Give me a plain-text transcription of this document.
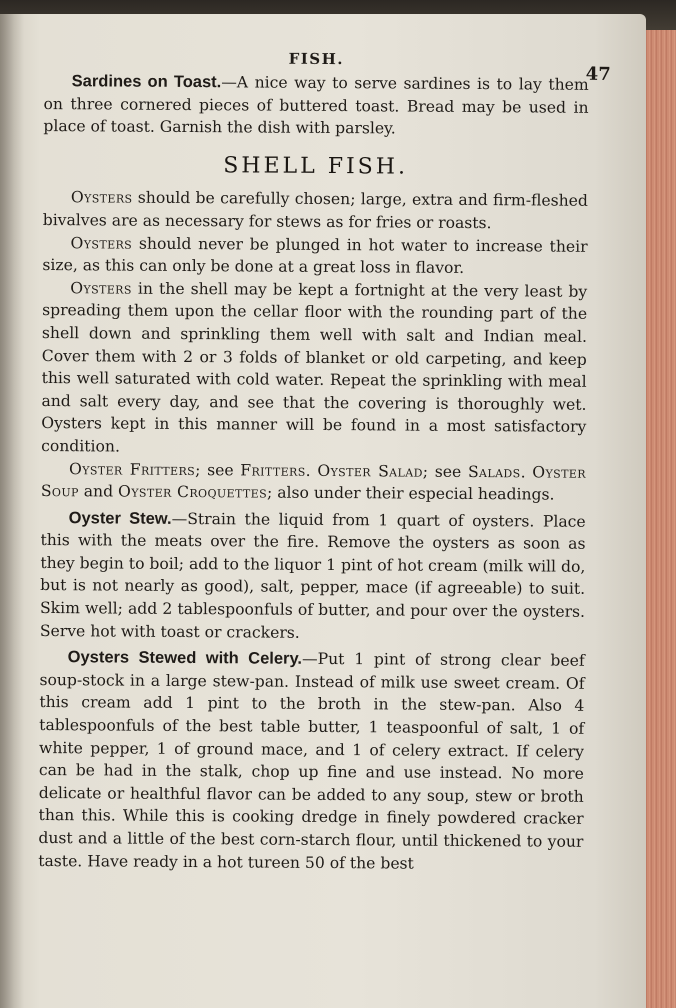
FISH.
47

Sardines on Toast.—A nice way to serve sardines is to lay them on three cornered pieces of buttered toast. Bread may be used in place of toast. Garnish the dish with parsley.

SHELL FISH.

Oysters should be carefully chosen; large, extra and firm-fleshed bivalves are as necessary for stews as for fries or roasts.

Oysters should never be plunged in hot water to increase their size, as this can only be done at a great loss in flavor.

Oysters in the shell may be kept a fortnight at the very least by spreading them upon the cellar floor with the rounding part of the shell down and sprinkling them well with salt and Indian meal. Cover them with 2 or 3 folds of blanket or old carpeting, and keep this well saturated with cold water. Repeat the sprinkling with meal and salt every day, and see that the covering is thoroughly wet. Oysters kept in this manner will be found in a most satisfactory condition.

Oyster Fritters; see Fritters. Oyster Salad; see Salads. Oyster Soup and Oyster Croquettes; also under their especial headings.

Oyster Stew.—Strain the liquid from 1 quart of oysters. Place this with the meats over the fire. Remove the oysters as soon as they begin to boil; add to the liquor 1 pint of hot cream (milk will do, but is not nearly as good), salt, pepper, mace (if agreeable) to suit. Skim well; add 2 tablespoonfuls of butter, and pour over the oysters. Serve hot with toast or crackers.

Oysters Stewed with Celery.—Put 1 pint of strong clear beef soup-stock in a large stew-pan. Instead of milk use sweet cream. Of this cream add 1 pint to the broth in the stew-pan. Also 4 tablespoonfuls of the best table butter, 1 teaspoonful of salt, 1 of white pepper, 1 of ground mace, and 1 of celery extract. If celery can be had in the stalk, chop up fine and use instead. No more delicate or healthful flavor can be added to any soup, stew or broth than this. While this is cooking dredge in finely powdered cracker dust and a little of the best corn-starch flour, until thickened to your taste. Have ready in a hot tureen 50 of the best
